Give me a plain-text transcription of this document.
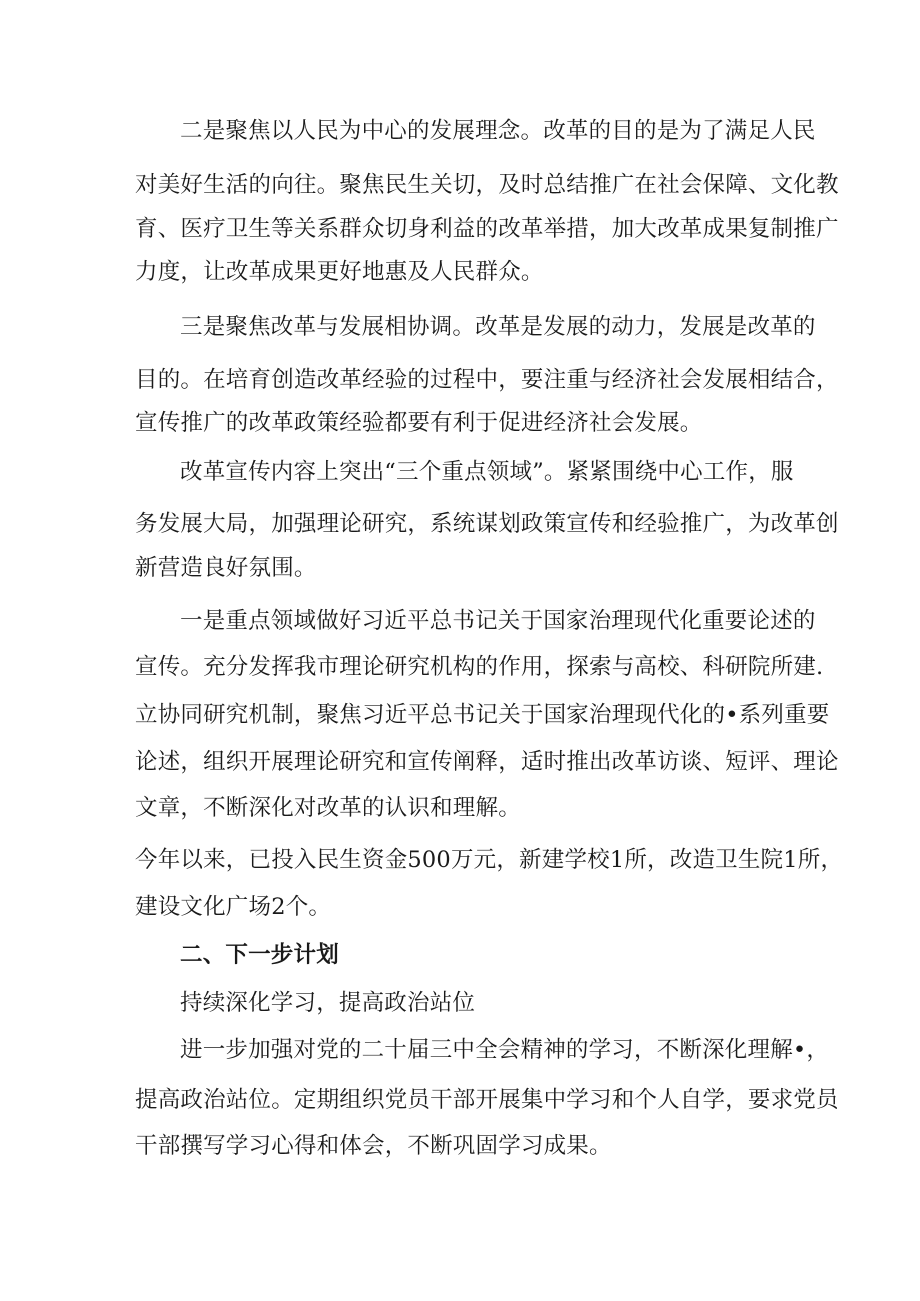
二是聚焦以人民为中心的发展理念。改革的目的是为了满足人民
对美好生活的向往。聚焦民生关切，及时总结推广在社会保障、文化教
育、医疗卫生等关系群众切身利益的改革举措，加大改革成果复制推广
力度，让改革成果更好地惠及人民群众。
三是聚焦改革与发展相协调。改革是发展的动力，发展是改革的
目的。在培育创造改革经验的过程中，要注重与经济社会发展相结合，
宣传推广的改革政策经验都要有利于促进经济社会发展。
改革宣传内容上突出“三个重点领域”。紧紧围绕中心工作，服
务发展大局，加强理论研究，系统谋划政策宣传和经验推广，为改革创
新营造良好氛围。
一是重点领域做好习近平总书记关于国家治理现代化重要论述的
宣传。充分发挥我市理论研究机构的作用，探索与高校、科研院所建.
立协同研究机制，聚焦习近平总书记关于国家治理现代化的•系列重要
论述，组织开展理论研究和宣传阐释，适时推出改革访谈、短评、理论
文章，不断深化对改革的认识和理解。
今年以来，已投入民生资金500万元，新建学校1所，改造卫生院1所，
建设文化广场2个。
二、下一步计划
持续深化学习，提高政治站位
进一步加强对党的二十届三中全会精神的学习，不断深化理解•，
提高政治站位。定期组织党员干部开展集中学习和个人自学，要求党员
干部撰写学习心得和体会，不断巩固学习成果。
